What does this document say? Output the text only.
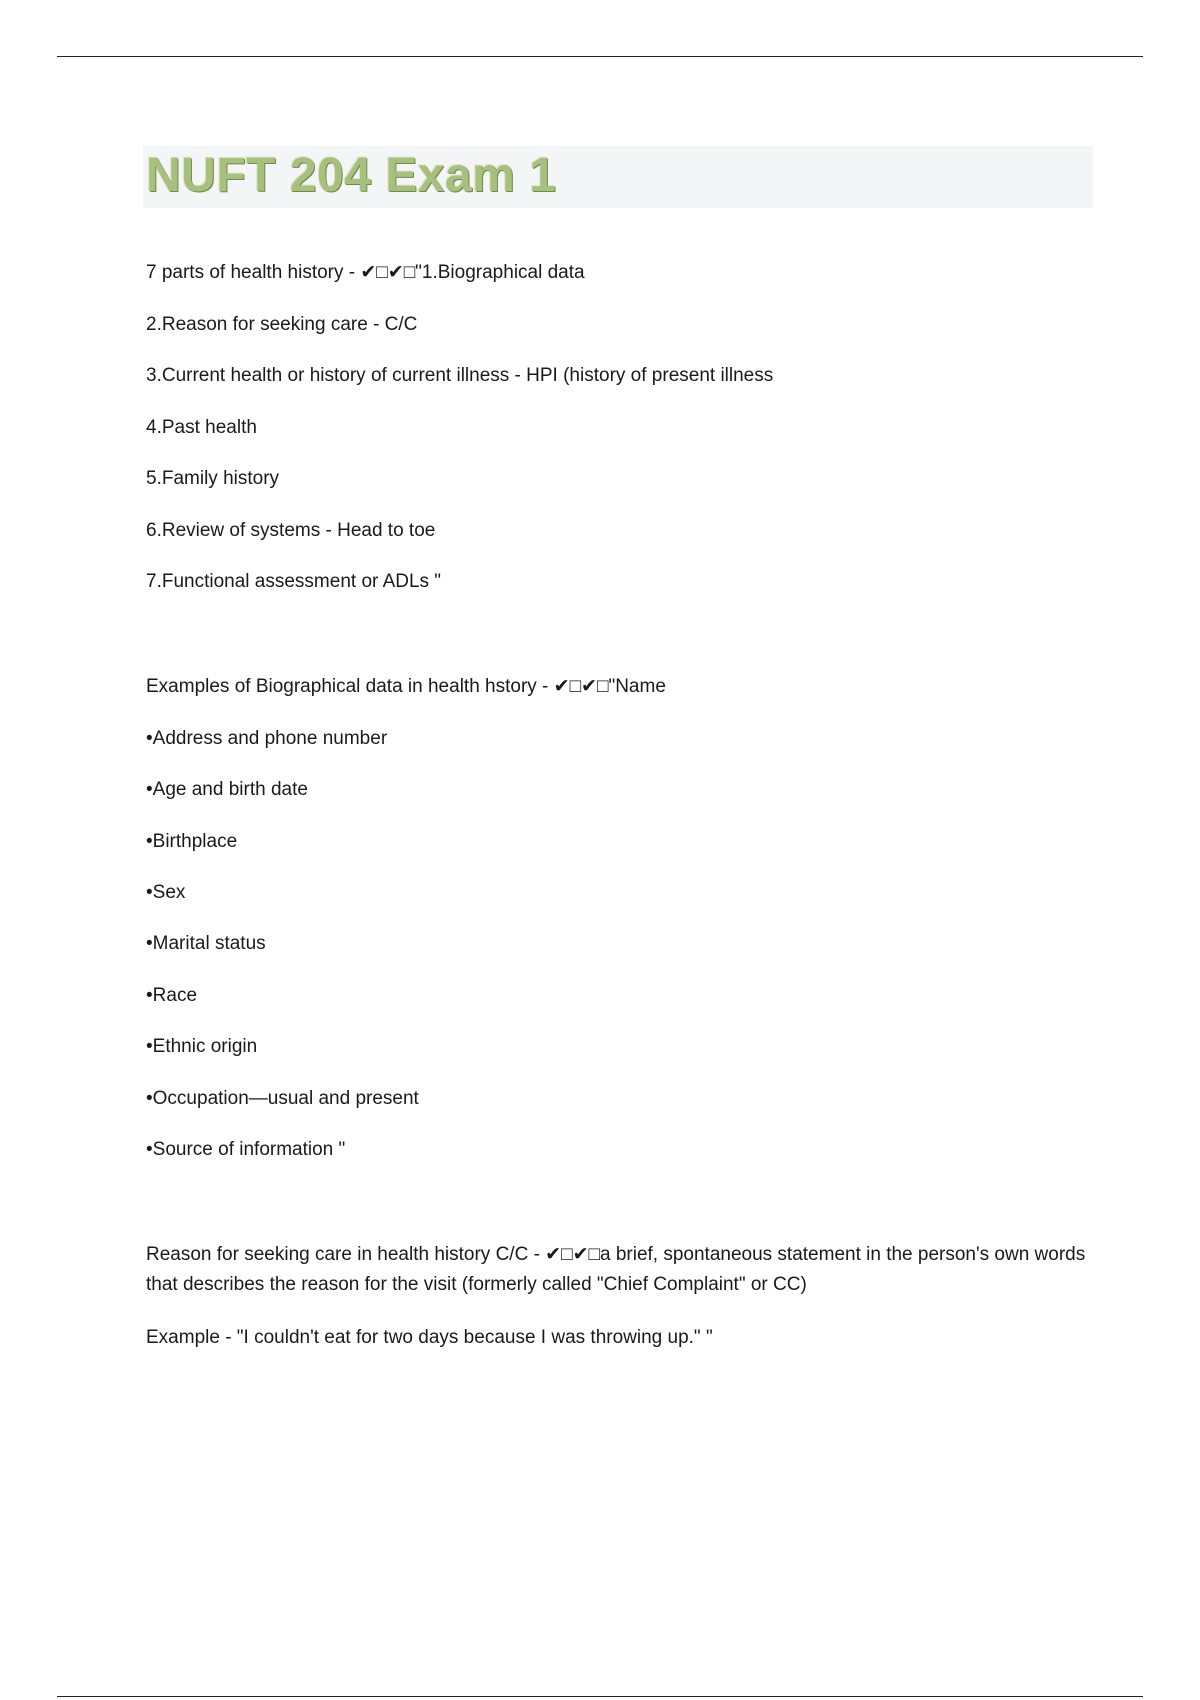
NUFT 204 Exam 1
7 parts of health history - ✔□✔□"1.Biographical data
2.Reason for seeking care - C/C
3.Current health or history of current illness - HPI (history of present illness
4.Past health
5.Family history
6.Review of systems - Head to toe
7.Functional assessment or ADLs "
Examples of Biographical data in health hstory - ✔□✔□"Name
•Address and phone number
•Age and birth date
•Birthplace
•Sex
•Marital status
•Race
•Ethnic origin
•Occupation—usual and present
•Source of information "
Reason for seeking care in health history C/C - ✔□✔□a brief, spontaneous statement in the person's own words that describes the reason for the visit (formerly called "Chief Complaint" or CC)
Example - "I couldn't eat for two days because I was throwing up." "
